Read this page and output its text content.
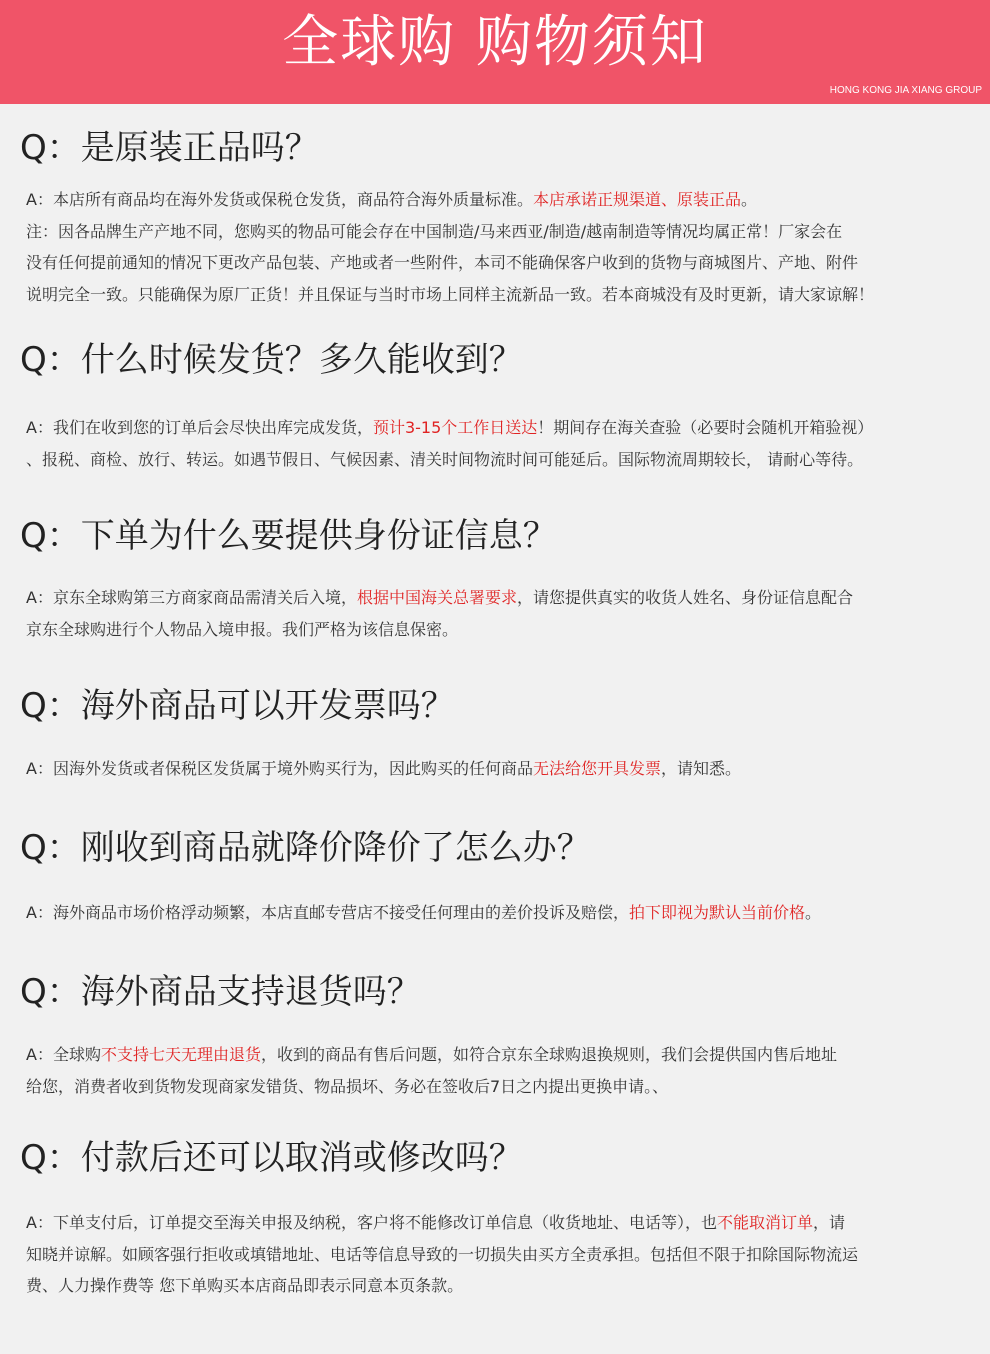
全球购 购物须知
HONG KONG JIA XIANG GROUP
Q：是原装正品吗？
A：本店所有商品均在海外发货或保税仓发货，商品符合海外质量标准。本店承诺正规渠道、原装正品。
注：因各品牌生产产地不同，您购买的物品可能会存在中国制造/马来西亚/制造/越南制造等情况均属正常！厂家会在
没有任何提前通知的情况下更改产品包装、产地或者一些附件，本司不能确保客户收到的货物与商城图片、产地、附件
说明完全一致。只能确保为原厂正货！并且保证与当时市场上同样主流新品一致。若本商城没有及时更新，请大家谅解！
Q：什么时候发货？多久能收到？
A：我们在收到您的订单后会尽快出库完成发货，预计3-15个工作日送达！期间存在海关查验（必要时会随机开箱验视）
、报税、商检、放行、转运。如遇节假日、气候因素、清关时间物流时间可能延后。国际物流周期较长， 请耐心等待。
Q：下单为什么要提供身份证信息？
A：京东全球购第三方商家商品需清关后入境，根据中国海关总署要求，请您提供真实的收货人姓名、身份证信息配合
京东全球购进行个人物品入境申报。我们严格为该信息保密。
Q：海外商品可以开发票吗？
A：因海外发货或者保税区发货属于境外购买行为，因此购买的任何商品无法给您开具发票，请知悉。
Q：刚收到商品就降价降价了怎么办？
A：海外商品市场价格浮动频繁，本店直邮专营店不接受任何理由的差价投诉及赔偿，拍下即视为默认当前价格。
Q：海外商品支持退货吗？
A：全球购不支持七天无理由退货，收到的商品有售后问题，如符合京东全球购退换规则，我们会提供国内售后地址
给您，消费者收到货物发现商家发错货、物品损坏、务必在签收后7日之内提出更换申请。、
Q：付款后还可以取消或修改吗？
A：下单支付后，订单提交至海关申报及纳税，客户将不能修改订单信息（收货地址、电话等），也不能取消订单，请
知晓并谅解。如顾客强行拒收或填错地址、电话等信息导致的一切损失由买方全责承担。包括但不限于扣除国际物流运
费、人力操作费等 您下单购买本店商品即表示同意本页条款。
